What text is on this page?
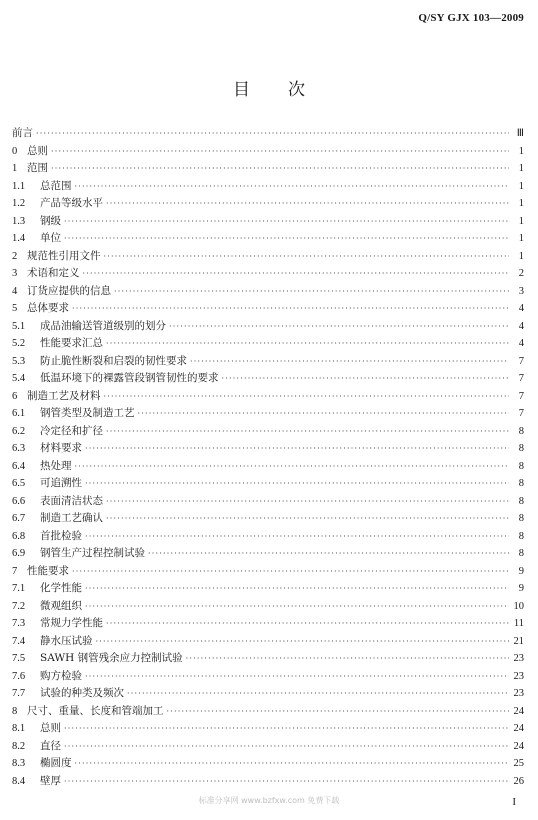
Q/SY GJX 103—2009
目次
前言 ·····	Ⅲ
0 总则 ·····	1
1 范围 ·····	1
1.1	总范围 ·····	1
1.2	产品等级水平 ·····	1
1.3	钢级 ·····	1
1.4	单位 ·····	1
2 规范性引用文件 ·····	1
3 术语和定义 ·····	2
4 订货应提供的信息 ·····	3
5 总体要求 ·····	4
5.1	成品油输送管道级别的划分 ·····	4
5.2	性能要求汇总 ·····	4
5.3	防止脆性断裂和启裂的韧性要求 ·····	7
5.4	低温环境下的裸露管段钢管韧性的要求 ·····	7
6 制造工艺及材料 ·····	7
6.1	钢管类型及制造工艺 ·····	7
6.2	冷定径和扩径 ·····	8
6.3	材料要求 ·····	8
6.4	热处理 ·····	8
6.5	可追溯性 ·····	8
6.6	表面清洁状态 ·····	8
6.7	制造工艺确认 ·····	8
6.8	首批检验 ·····	8
6.9	钢管生产过程控制试验 ·····	8
7 性能要求 ·····	9
7.1	化学性能 ·····	9
7.2	微观组织 ·····	10
7.3	常规力学性能 ·····	11
7.4	静水压试验 ·····	21
7.5	SAWH 钢管残余应力控制试验 ·····	23
7.6	购方检验 ·····	23
7.7	试验的种类及频次 ·····	23
8 尺寸、重量、长度和管端加工 ·····	24
8.1	总则 ·····	24
8.2	直径 ·····	24
8.3	椭圆度 ·····	25
8.4	壁厚 ·····	26
标准分享网 www.bzfxw.com 免费下载	I
